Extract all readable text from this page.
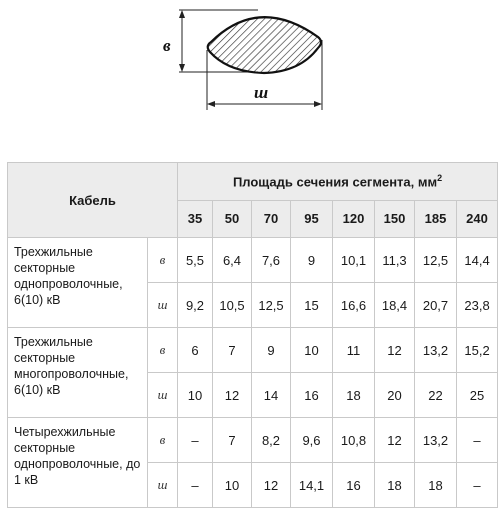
в
ш
Кабель		Площадь сечения сегмента, $мм^2$
		35	50	70	95	120	150	185	240
Трехжильные секторные однопроволочные, 6(10) кВ	в	5,5	6,4	7,6	9	10,1	11,3	12,5	14,4
	ш	9,2	10,5	12,5	15	16,6	18,4	20,7	23,8
Трехжильные секторные многопроволочные, 6(10) кВ	в	6	7	9	10	11	12	13,2	15,2
	ш	10	12	14	16	18	20	22	25
Четырехжильные секторные однопроволочные, до 1 кВ	в	–	7	8,2	9,6	10,8	12	13,2	–
	ш	–	10	12	14,1	16	18	18	–
